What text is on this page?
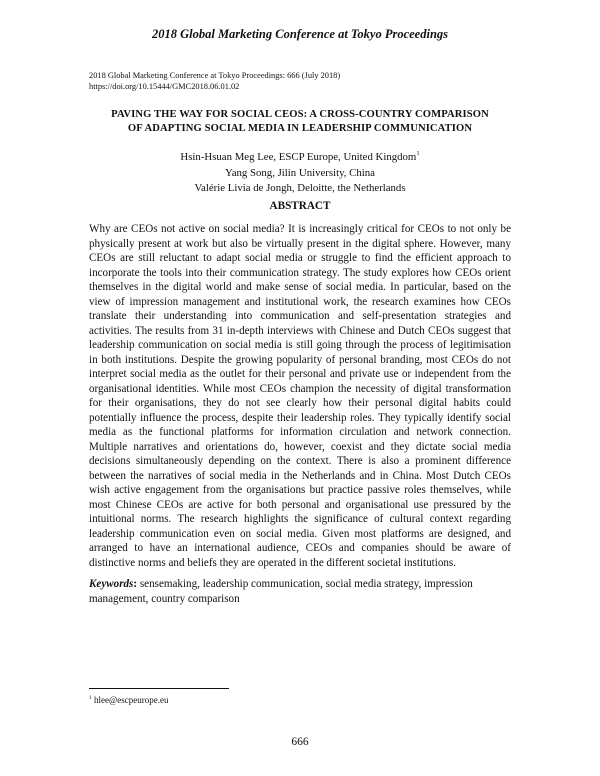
2018 Global Marketing Conference at Tokyo Proceedings
2018 Global Marketing Conference at Tokyo Proceedings: 666 (July 2018)
https://doi.org/10.15444/GMC2018.06.01.02
PAVING THE WAY FOR SOCIAL CEOS: A CROSS-COUNTRY COMPARISON
OF ADAPTING SOCIAL MEDIA IN LEADERSHIP COMMUNICATION
Hsin-Hsuan Meg Lee, ESCP Europe, United Kingdom$^1$
Yang Song, Jilin University, China
Valérie Livia de Jongh, Deloitte, the Netherlands
ABSTRACT
Why are CEOs not active on social media? It is increasingly critical for CEOs to not only be physically present at work but also be virtually present in the digital sphere. However, many CEOs are still reluctant to adapt social media or struggle to find the efficient approach to incorporate the tools into their communication strategy. The study explores how CEOs orient themselves in the digital world and make sense of social media. In particular, based on the view of impression management and institutional work, the research examines how CEOs translate their understanding into communication and self-presentation strategies and activities. The results from 31 in-depth interviews with Chinese and Dutch CEOs suggest that leadership communication on social media is still going through the process of legitimisation in both institutions. Despite the growing popularity of personal branding, most CEOs do not interpret social media as the outlet for their personal and private use or independent from the organisational identities. While most CEOs champion the necessity of digital transformation for their organisations, they do not see clearly how their personal digital habits could potentially influence the process, despite their leadership roles. They typically identify social media as the functional platforms for information circulation and network connection. Multiple narratives and orientations do, however, coexist and they dictate social media decisions simultaneously depending on the context. There is also a prominent difference between the narratives of social media in the Netherlands and in China. Most Dutch CEOs wish active engagement from the organisations but practice passive roles themselves, while most Chinese CEOs are active for both personal and organisational use pressured by the intuitional norms. The research highlights the significance of cultural context regarding leadership communication even on social media. Given most platforms are designed, and arranged to have an international audience, CEOs and companies should be aware of distinctive norms and beliefs they are operated in the different societal institutions.
Keywords: sensemaking, leadership communication, social media strategy, impression management, country comparison
$^1$ hlee@escpeurope.eu
666
